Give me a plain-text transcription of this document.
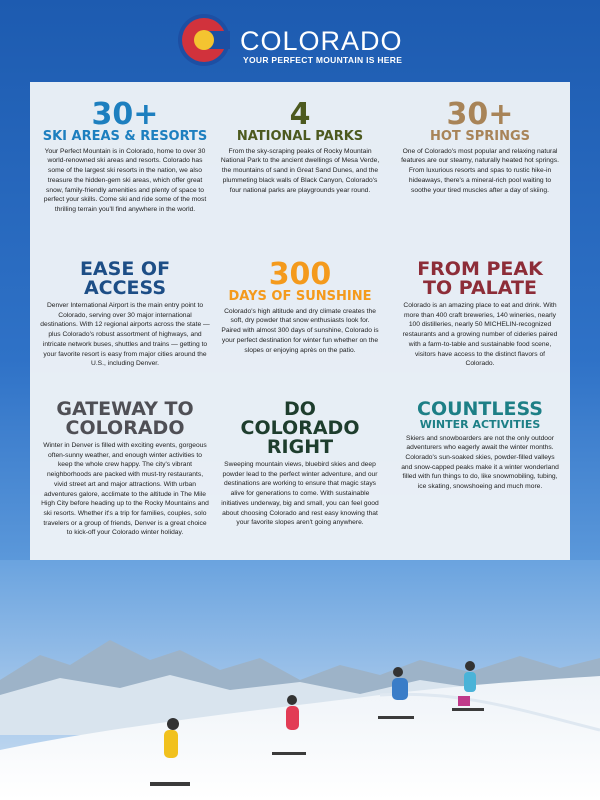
COLORADO
YOUR PERFECT MOUNTAIN IS HERE
30+
SKI AREAS & RESORTS
Your Perfect Mountain is in Colorado, home to over 30 world-renowned ski areas and resorts. Colorado has some of the largest ski resorts in the nation, we also treasure the hidden-gem ski areas, which offer great snow, family-friendly amenities and plenty of space to perfect your skills. Come ski and ride some of the most thrilling terrain you'll find anywhere in the world.
4
NATIONAL PARKS
From the sky-scraping peaks of Rocky Mountain National Park to the ancient dwellings of Mesa Verde, the mountains of sand in Great Sand Dunes, and the plummeting black walls of Black Canyon, Colorado's four national parks are playgrounds year round.
30+
HOT SPRINGS
One of Colorado's most popular and relaxing natural features are our steamy, naturally heated hot springs. From luxurious resorts and spas to rustic hike-in hideaways, there's a mineral-rich pool waiting to soothe your tired muscles after a day of skiing.
EASE OF ACCESS
Denver International Airport is the main entry point to Colorado, serving over 30 major international destinations. With 12 regional airports across the state — plus Colorado's robust assortment of highways, and intricate network buses, shuttles and trains — getting to your favorite resort is easy from major cities around the U.S., including Denver.
300
DAYS OF SUNSHINE
Colorado's high altitude and dry climate creates the soft, dry powder that snow enthusiasts look for. Paired with almost 300 days of sunshine, Colorado is your perfect destination for winter fun whether on the slopes or enjoying après on the patio.
FROM PEAK
TO PALATE
Colorado is an amazing place to eat and drink. With more than 400 craft breweries, 140 wineries, nearly 100 distilleries, nearly 50 MICHELIN-recognized restaurants and a growing number of cideries paired with a farm-to-table and sustainable food scene, visitors have access to the distinct flavors of Colorado.
GATEWAY TO
COLORADO
Winter in Denver is filled with exciting events, gorgeous often-sunny weather, and enough winter activities to keep the whole crew happy. The city's vibrant neighborhoods are packed with must-try restaurants, vivid street art and major attractions. With urban adventures galore, acclimate to the altitude in The Mile High City before heading up to the Rocky Mountains and ski resorts. Whether it's a trip for families, couples, solo travelers or a group of friends, Denver is a great choice to kick-off your Colorado winter holiday.
DO
COLORADO
RIGHT
Sweeping mountain views, bluebird skies and deep powder lead to the perfect winter adventure, and our destinations are working to ensure that magic stays alive for generations to come. With sustainable initiatives underway, big and small, you can feel good about choosing Colorado and rest easy knowing that your favorite slopes aren't going anywhere.
COUNTLESS
WINTER ACTIVITIES
Skiers and snowboarders are not the only outdoor adventurers who eagerly await the winter months. Colorado's sun-soaked skies, powder-filled valleys and snow-capped peaks make it a winter wonderland filled with fun things to do, like snowmobiling, tubing, ice skating, snowshoeing and much more.
